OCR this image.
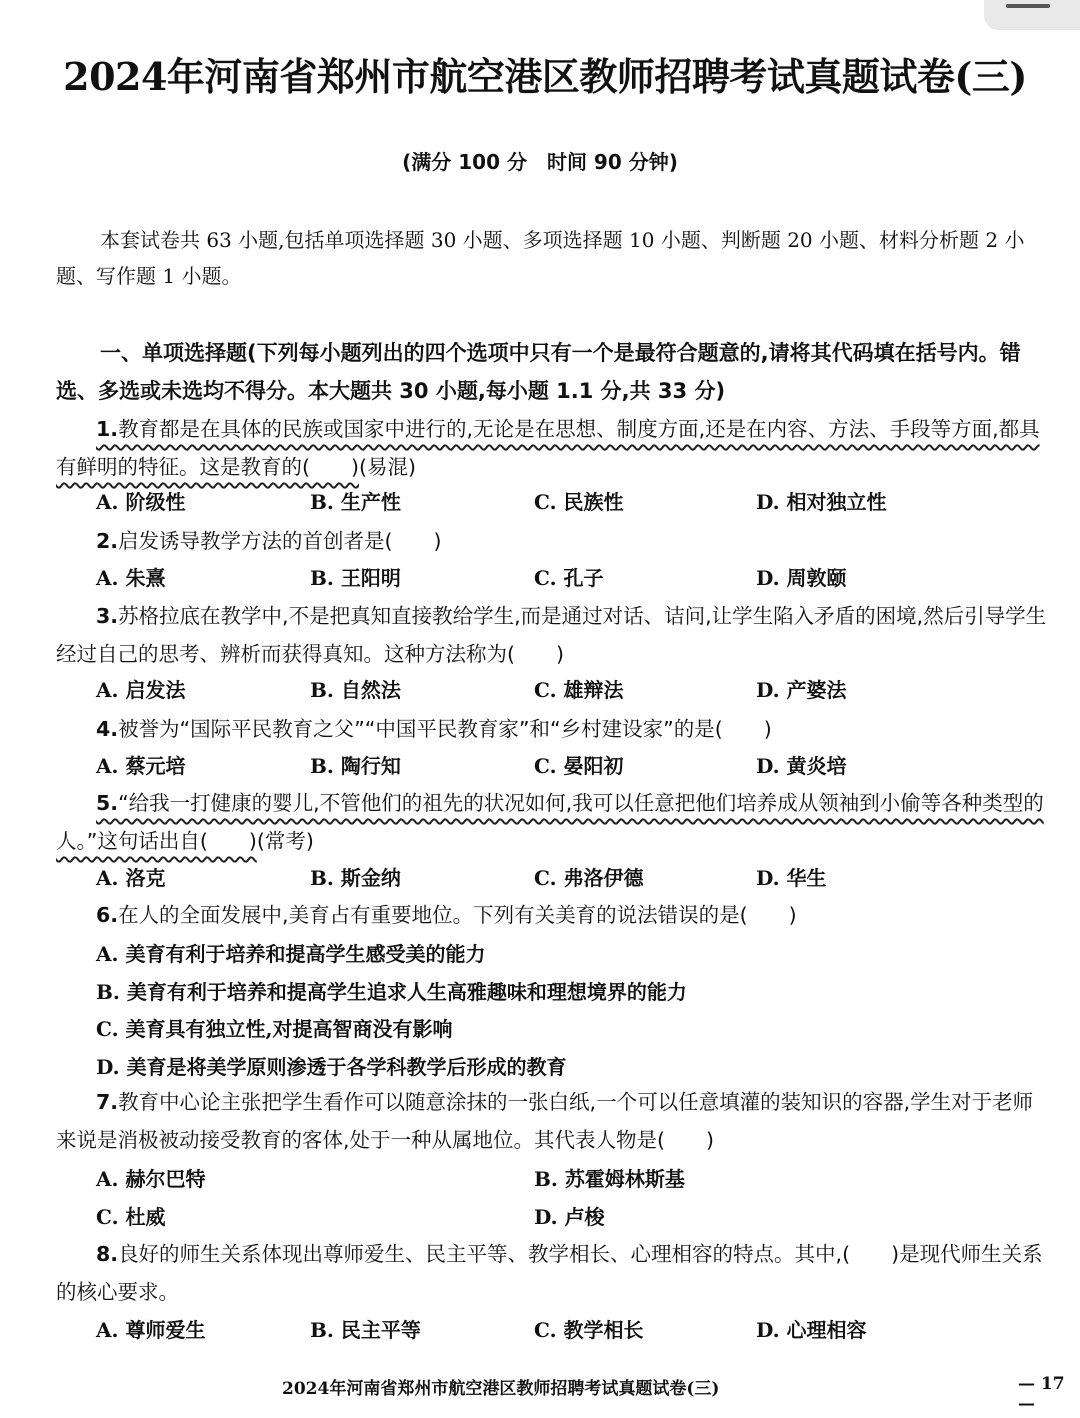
2024年河南省郑州市航空港区教师招聘考试真题试卷(三)
(满分 100 分　时间 90 分钟)
本套试卷共 63 小题,包括单项选择题 30 小题、多项选择题 10 小题、判断题 20 小题、材料分析题 2 小题、写作题 1 小题。
一、单项选择题(下列每小题列出的四个选项中只有一个是最符合题意的,请将其代码填在括号内。错选、多选或未选均不得分。本大题共 30 小题,每小题 1.1 分,共 33 分)
1.教育都是在具体的民族或国家中进行的,无论是在思想、制度方面,还是在内容、方法、手段等方面,都具有鲜明的特征。这是教育的(　　)(易混)
A. 阶级性	B. 生产性	C. 民族性	D. 相对独立性
2.启发诱导教学方法的首创者是(　　)
A. 朱熹	B. 王阳明	C. 孔子	D. 周敦颐
3.苏格拉底在教学中,不是把真知直接教给学生,而是通过对话、诘问,让学生陷入矛盾的困境,然后引导学生经过自己的思考、辨析而获得真知。这种方法称为(　　)
A. 启发法	B. 自然法	C. 雄辩法	D. 产婆法
4.被誉为“国际平民教育之父”“中国平民教育家”和“乡村建设家”的是(　　)
A. 蔡元培	B. 陶行知	C. 晏阳初	D. 黄炎培
5.“给我一打健康的婴儿,不管他们的祖先的状况如何,我可以任意把他们培养成从领袖到小偷等各种类型的人。”这句话出自(　　)(常考)
A. 洛克	B. 斯金纳	C. 弗洛伊德	D. 华生
6.在人的全面发展中,美育占有重要地位。下列有关美育的说法错误的是(　　)
A. 美育有利于培养和提高学生感受美的能力
B. 美育有利于培养和提高学生追求人生高雅趣味和理想境界的能力
C. 美育具有独立性,对提高智商没有影响
D. 美育是将美学原则渗透于各学科教学后形成的教育
7.教育中心论主张把学生看作可以随意涂抹的一张白纸,一个可以任意填灌的装知识的容器,学生对于老师来说是消极被动接受教育的客体,处于一种从属地位。其代表人物是(　　)
A. 赫尔巴特	B. 苏霍姆林斯基
C. 杜威	D. 卢梭
8.良好的师生关系体现出尊师爱生、民主平等、教学相长、心理相容的特点。其中,(　　)是现代师生关系的核心要求。
A. 尊师爱生	B. 民主平等	C. 教学相长	D. 心理相容
2024年河南省郑州市航空港区教师招聘考试真题试卷(三)	— 17 —
